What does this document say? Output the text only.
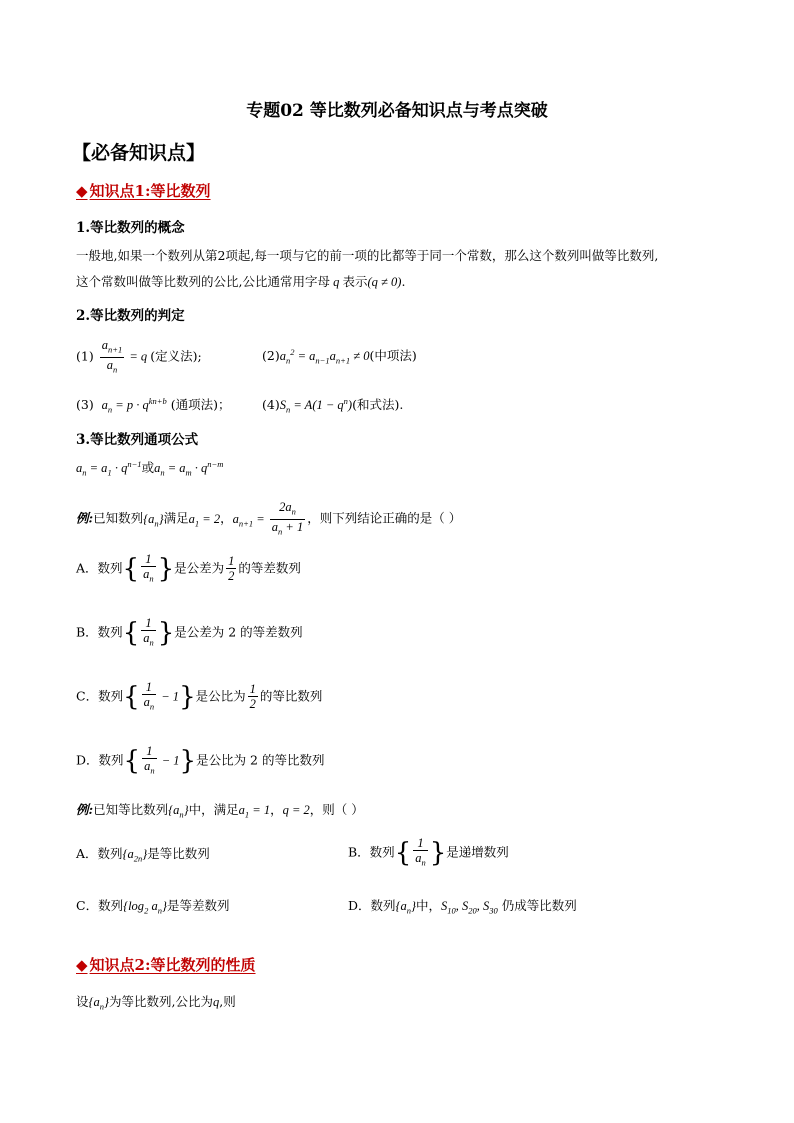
专题02 等比数列必备知识点与考点突破
【必备知识点】
◆ 知识点1:等比数列
1.等比数列的概念
一般地,如果一个数列从第2项起,每一项与它的前一项的比都等于同一个常数，那么这个数列叫做等比数列,
这个常数叫做等比数列的公比,公比通常用字母 q 表示(q ≠ 0).
2.等比数列的判定
$(1) \frac{a_{n+1}}{a_n} = q$ (定义法);	$(2)a_n^2 = a_{n-1}a_{n+1} \ne 0$(中项法)
(3) $a_n = p \cdot q^{kn+b}$ (通项法)；	$(4)S_n = A(1 - q^n)$(和式法).
3.等比数列通项公式
$a_n = a_1 \cdot q^{n-1}$或$a_n = a_m \cdot q^{n-m}$
例:已知数列$\{a_n\}$满足$a_1 = 2$，$a_{n+1} = \frac{2a_n}{a_n + 1}$ ，则下列结论正确的是（ ）
A．数列{ $\frac{1}{a_n}$ }是公差为 $\frac{1}{2}$ 的等差数列
B．数列{ $\frac{1}{a_n}$ }是公差为 2 的等差数列
C．数列{ $\frac{1}{a_n} - 1$}是公比为 $\frac{1}{2}$ 的等比数列
D．数列{ $\frac{1}{a_n} - 1$}是公比为 2 的等比数列
例:已知等比数列$\{a_n\}$中，满足$a_1 = 1$，q = 2，则（ ）
A．数列$\{a_{2n}\}$是等比数列	B．数列{ $\frac{1}{a_n}$ }是递增数列
C．数列{$\log_2$ $a_n$}是等差数列	D．数列$\{a_n\}$中，$S_{10}$, $S_{20}$, $S_{30}$ 仍成等比数列
◆ 知识点2:等比数列的性质
设$\{a_n\}$为等比数列,公比为q,则
